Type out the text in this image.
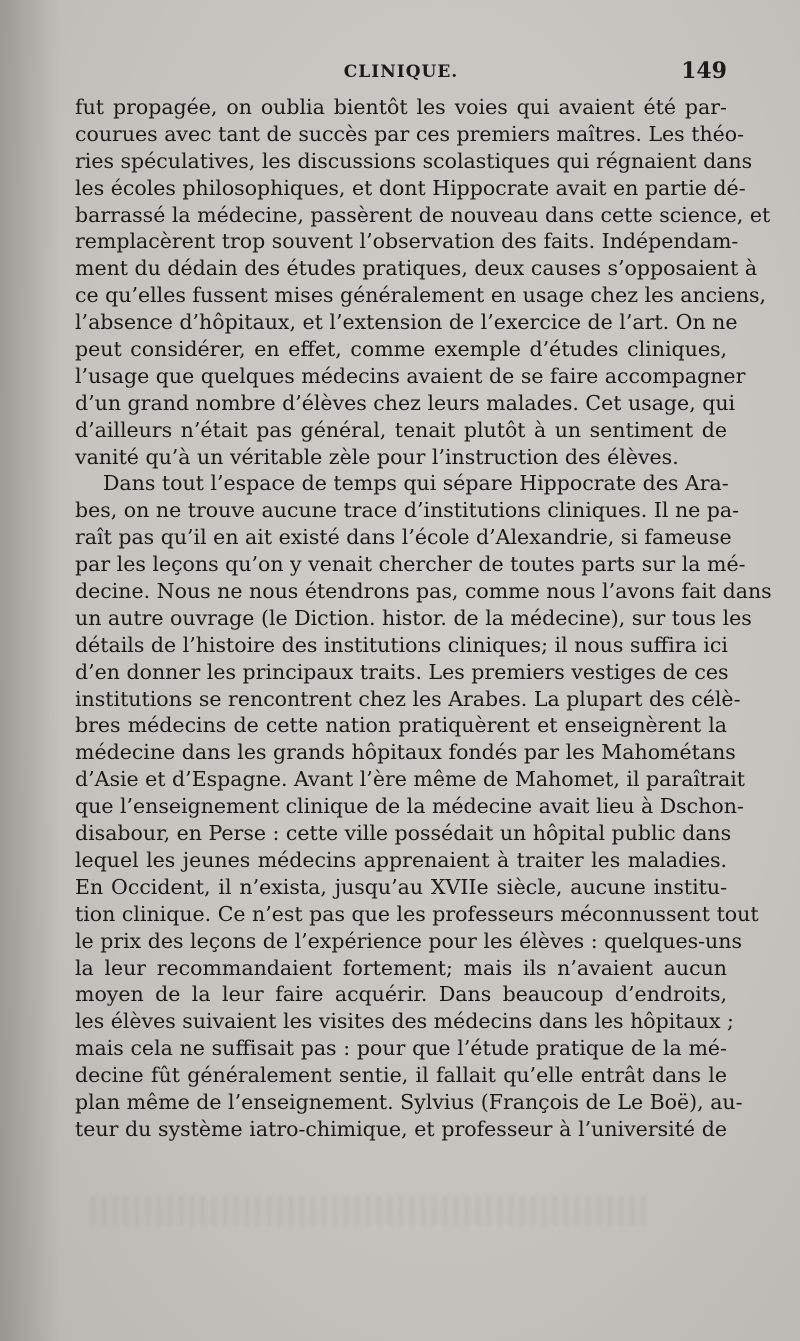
CLINIQUE.	149
fut propagée, on oublia bientôt les voies qui avaient été par-
courues avec tant de succès par ces premiers maîtres. Les théo-
ries spéculatives, les discussions scolastiques qui régnaient dans
les écoles philosophiques, et dont Hippocrate avait en partie dé-
barrassé la médecine, passèrent de nouveau dans cette science, et
remplacèrent trop souvent l’observation des faits. Indépendam-
ment du dédain des études pratiques, deux causes s’opposaient à
ce qu’elles fussent mises généralement en usage chez les anciens,
l’absence d’hôpitaux, et l’extension de l’exercice de l’art. On ne
peut considérer, en effet, comme exemple d’études cliniques,
l’usage que quelques médecins avaient de se faire accompagner
d’un grand nombre d’élèves chez leurs malades. Cet usage, qui
d’ailleurs n’était pas général, tenait plutôt à un sentiment de
vanité qu’à un véritable zèle pour l’instruction des élèves.
Dans tout l’espace de temps qui sépare Hippocrate des Ara-
bes, on ne trouve aucune trace d’institutions cliniques. Il ne pa-
raît pas qu’il en ait existé dans l’école d’Alexandrie, si fameuse
par les leçons qu’on y venait chercher de toutes parts sur la mé-
decine. Nous ne nous étendrons pas, comme nous l’avons fait dans
un autre ouvrage (le Diction. histor. de la médecine), sur tous les
détails de l’histoire des institutions cliniques; il nous suffira ici
d’en donner les principaux traits. Les premiers vestiges de ces
institutions se rencontrent chez les Arabes. La plupart des célè-
bres médecins de cette nation pratiquèrent et enseignèrent la
médecine dans les grands hôpitaux fondés par les Mahométans
d’Asie et d’Espagne. Avant l’ère même de Mahomet, il paraîtrait
que l’enseignement clinique de la médecine avait lieu à Dschon-
disabour, en Perse : cette ville possédait un hôpital public dans
lequel les jeunes médecins apprenaient à traiter les maladies.
En Occident, il n’exista, jusqu’au XVIIe siècle, aucune institu-
tion clinique. Ce n’est pas que les professeurs méconnussent tout
le prix des leçons de l’expérience pour les élèves : quelques-uns
la leur recommandaient fortement; mais ils n’avaient aucun
moyen de la leur faire acquérir. Dans beaucoup d’endroits,
les élèves suivaient les visites des médecins dans les hôpitaux ;
mais cela ne suffisait pas : pour que l’étude pratique de la mé-
decine fût généralement sentie, il fallait qu’elle entrât dans le
plan même de l’enseignement. Sylvius (François de Le Boë), au-
teur du système iatro-chimique, et professeur à l’université de
